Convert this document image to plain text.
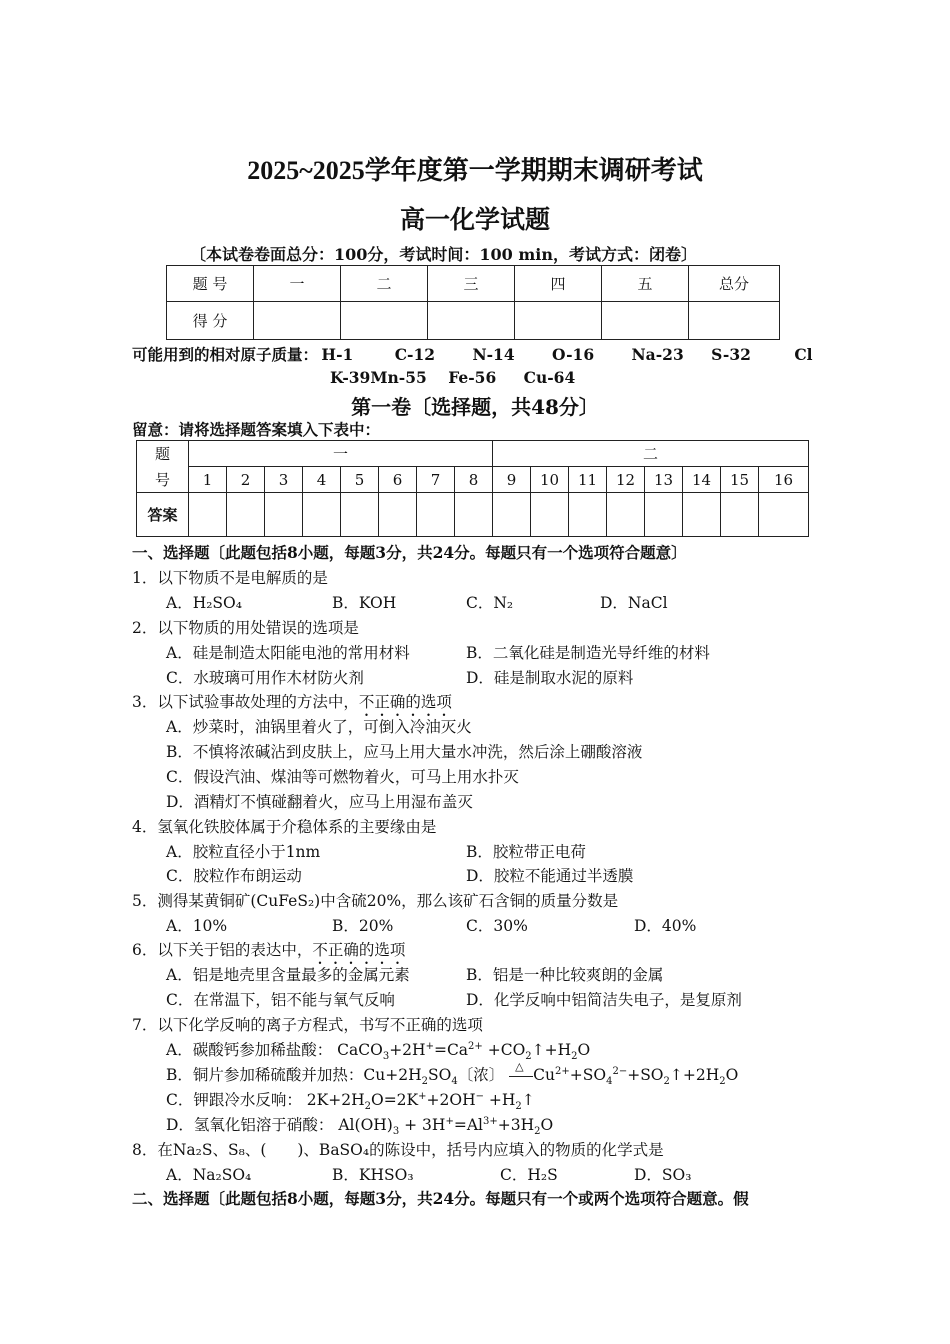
2025~2025学年度第一学期期末调研考试
高一化学试题
〔本试卷卷面总分：100分，考试时间：100 min，考试方式：闭卷〕
题 号	一	二	三	四	五	总分
得 分						
可能用到的相对原子质量： H-1	C-12 N-14 O-16 Na-23 S-32	Cl
K-39Mn-55 Fe-56 Cu-64
第一卷〔选择题，共48分〕
留意：请将选择题答案填入下表中：
题	一								二							
号	1	2	3	4	5	6	7	8	9	10	11	12	13	14	15	16
答案																
一、选择题〔此题包括8小题，每题3分，共24分。每题只有一个选项符合题意〕
1．以下物质不是电解质的是
A．H₂SO₄	B．KOH	C．N₂	D．NaCl
2．以下物质的用处错误的选项是
A．硅是制造太阳能电池的常用材料	B．二氧化硅是制造光导纤维的材料
C．水玻璃可用作木材防火剂	D．硅是制取水泥的原料
3．以下试验事故处理的方法中，不正确的选项
A．炒菜时，油锅里着火了，可倒入冷油灭火
B．不慎将浓碱沾到皮肤上，应马上用大量水冲洗，然后涂上硼酸溶液
C．假设汽油、煤油等可燃物着火，可马上用水扑灭
D．酒精灯不慎碰翻着火，应马上用湿布盖灭
4．氢氧化铁胶体属于介稳体系的主要缘由是
A．胶粒直径小于1nm	B．胶粒带正电荷
C．胶粒作布朗运动	D．胶粒不能通过半透膜
5．测得某黄铜矿(CuFeS₂)中含硫20%，那么该矿石含铜的质量分数是
A．10%	B．20%	C．30%	D．40%
6．以下关于铝的表达中，不正确的选项
A．铝是地壳里含量最多的金属元素	B．铝是一种比较爽朗的金属
C．在常温下，铝不能与氧气反响	D．化学反响中铝简洁失电子，是复原剂
7．以下化学反响的离子方程式，书写不正确的选项
A．碳酸钙参加稀盐酸： $CaCO_3+2H^+=Ca^{2+}$ $+CO_2↑+H_2O$
B．铜片参加稀硫酸并加热：$Cu+2H_2SO_4$〔浓〕 △ $Cu^{2+}+SO_4^{2-}+SO_2↑+2H_2O$
C．钾跟冷水反响： $2K+2H_2O=2K^++2OH^-$ $+H_2↑$
D．氢氧化铝溶于硝酸： $Al(OH)_3 + 3H^+=Al^{3+}+3H_2O$
8．在Na₂S、S₈、(　　)、BaSO₄的陈设中，括号内应填入的物质的化学式是
A．Na₂SO₄	B．KHSO₃	C．H₂S	D．SO₃
二、选择题〔此题包括8小题，每题3分，共24分。每题只有一个或两个选项符合题意。假
